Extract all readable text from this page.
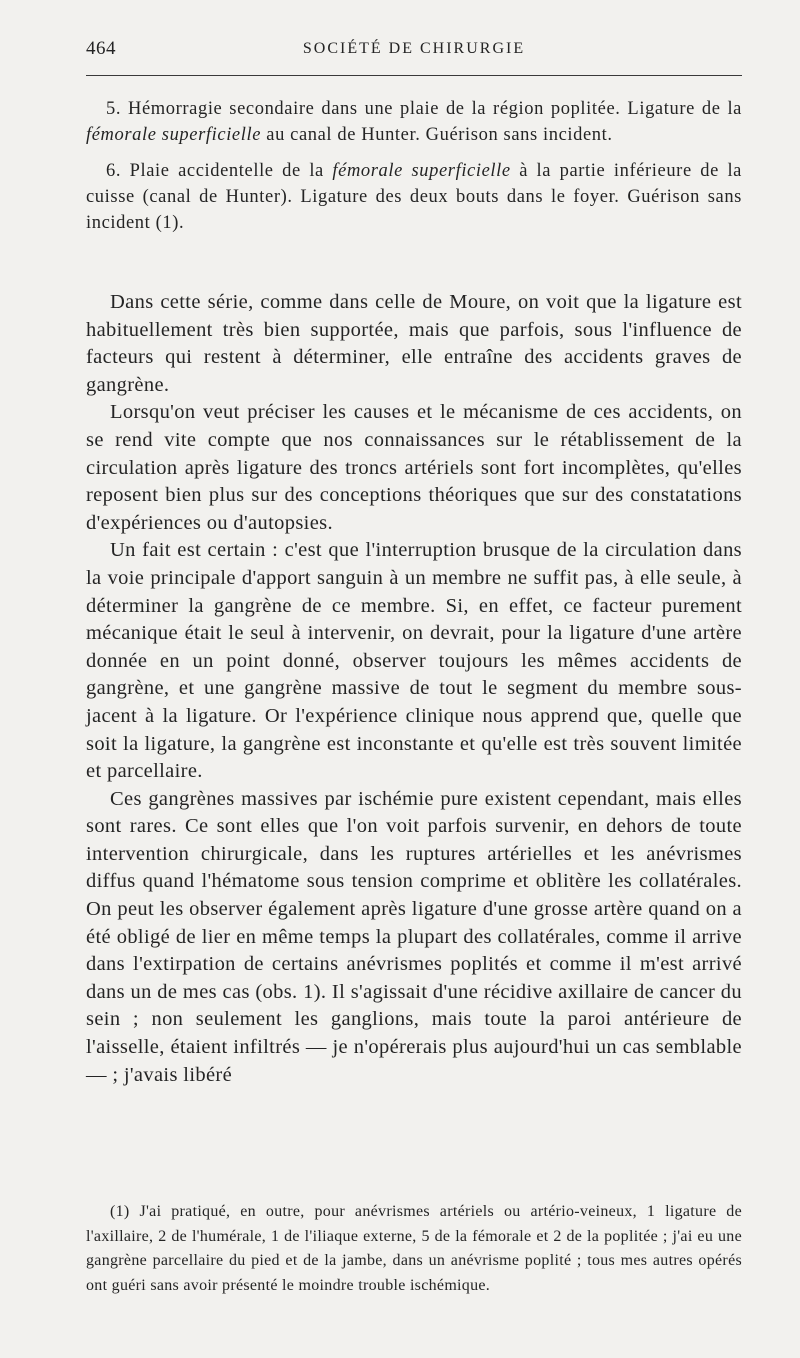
464	SOCIÉTÉ DE CHIRURGIE

5. Hémorragie secondaire dans une plaie de la région poplitée. Ligature de la fémorale superficielle au canal de Hunter. Guérison sans incident.

6. Plaie accidentelle de la fémorale superficielle à la partie inférieure de la cuisse (canal de Hunter). Ligature des deux bouts dans le foyer. Guérison sans incident (1).

Dans cette série, comme dans celle de Moure, on voit que la ligature est habituellement très bien supportée, mais que parfois, sous l'influence de facteurs qui restent à déterminer, elle entraîne des accidents graves de gangrène.

Lorsqu'on veut préciser les causes et le mécanisme de ces accidents, on se rend vite compte que nos connaissances sur le rétablissement de la circulation après ligature des troncs artériels sont fort incomplètes, qu'elles reposent bien plus sur des conceptions théoriques que sur des constatations d'expériences ou d'autopsies.

Un fait est certain : c'est que l'interruption brusque de la circulation dans la voie principale d'apport sanguin à un membre ne suffit pas, à elle seule, à déterminer la gangrène de ce membre. Si, en effet, ce facteur purement mécanique était le seul à intervenir, on devrait, pour la ligature d'une artère donnée en un point donné, observer toujours les mêmes accidents de gangrène, et une gangrène massive de tout le segment du membre sous-jacent à la ligature. Or l'expérience clinique nous apprend que, quelle que soit la ligature, la gangrène est inconstante et qu'elle est très souvent limitée et parcellaire.

Ces gangrènes massives par ischémie pure existent cependant, mais elles sont rares. Ce sont elles que l'on voit parfois survenir, en dehors de toute intervention chirurgicale, dans les ruptures artérielles et les anévrismes diffus quand l'hématome sous tension comprime et oblitère les collatérales. On peut les observer également après ligature d'une grosse artère quand on a été obligé de lier en même temps la plupart des collatérales, comme il arrive dans l'extirpation de certains anévrismes poplités et comme il m'est arrivé dans un de mes cas (obs. 1). Il s'agissait d'une récidive axillaire de cancer du sein ; non seulement les ganglions, mais toute la paroi antérieure de l'aisselle, étaient infiltrés — je n'opérerais plus aujourd'hui un cas semblable — ; j'avais libéré

(1) J'ai pratiqué, en outre, pour anévrismes artériels ou artério-veineux, 1 ligature de l'axillaire, 2 de l'humérale, 1 de l'iliaque externe, 5 de la fémorale et 2 de la poplitée ; j'ai eu une gangrène parcellaire du pied et de la jambe, dans un anévrisme poplité ; tous mes autres opérés ont guéri sans avoir présenté le moindre trouble ischémique.
